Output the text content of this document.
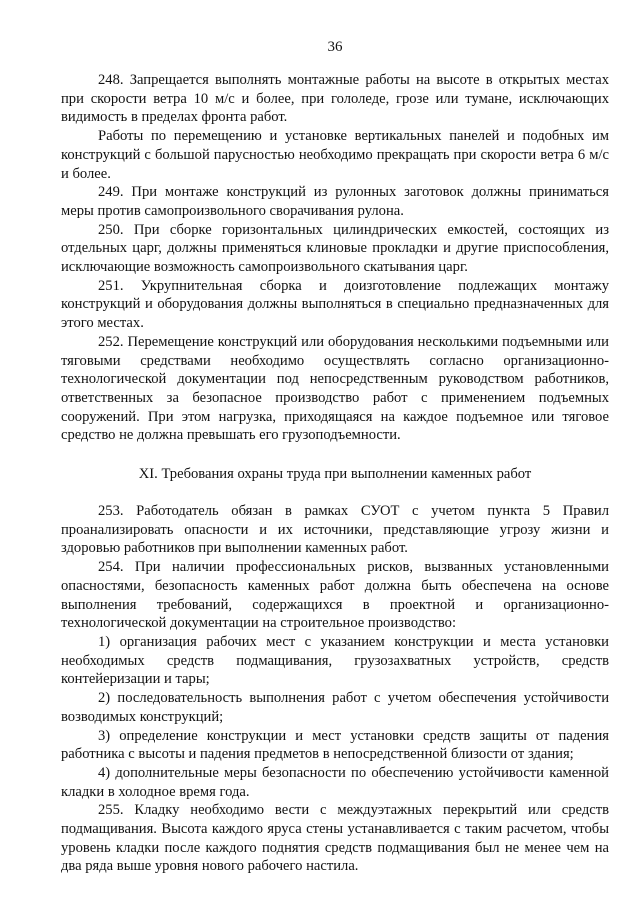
36

248. Запрещается выполнять монтажные работы на высоте в открытых местах при скорости ветра 10 м/с и более, при гололеде, грозе или тумане, исключающих видимость в пределах фронта работ.

Работы по перемещению и установке вертикальных панелей и подобных им конструкций с большой парусностью необходимо прекращать при скорости ветра 6 м/с и более.

249. При монтаже конструкций из рулонных заготовок должны приниматься меры против самопроизвольного сворачивания рулона.

250. При сборке горизонтальных цилиндрических емкостей, состоящих из отдельных царг, должны применяться клиновые прокладки и другие приспособления, исключающие возможность самопроизвольного скатывания царг.

251. Укрупнительная сборка и доизготовление подлежащих монтажу конструкций и оборудования должны выполняться в специально предназначенных для этого местах.

252. Перемещение конструкций или оборудования несколькими подъемными или тяговыми средствами необходимо осуществлять согласно организационно-технологической документации под непосредственным руководством работников, ответственных за безопасное производство работ с применением подъемных сооружений. При этом нагрузка, приходящаяся на каждое подъемное или тяговое средство не должна превышать его грузоподъемности.

XI. Требования охраны труда при выполнении каменных работ

253. Работодатель обязан в рамках СУОТ с учетом пункта 5 Правил проанализировать опасности и их источники, представляющие угрозу жизни и здоровью работников при выполнении каменных работ.

254. При наличии профессиональных рисков, вызванных установленными опасностями, безопасность каменных работ должна быть обеспечена на основе выполнения требований, содержащихся в проектной и организационно-технологической документации на строительное производство:

1) организация рабочих мест с указанием конструкции и места установки необходимых средств подмащивания, грузозахватных устройств, средств контейеризации и тары;

2) последовательность выполнения работ с учетом обеспечения устойчивости возводимых конструкций;

3) определение конструкции и мест установки средств защиты от падения работника с высоты и падения предметов в непосредственной близости от здания;

4) дополнительные меры безопасности по обеспечению устойчивости каменной кладки в холодное время года.

255. Кладку необходимо вести с междуэтажных перекрытий или средств подмащивания. Высота каждого яруса стены устанавливается с таким расчетом, чтобы уровень кладки после каждого поднятия средств подмащивания был не менее чем на два ряда выше уровня нового рабочего настила.
